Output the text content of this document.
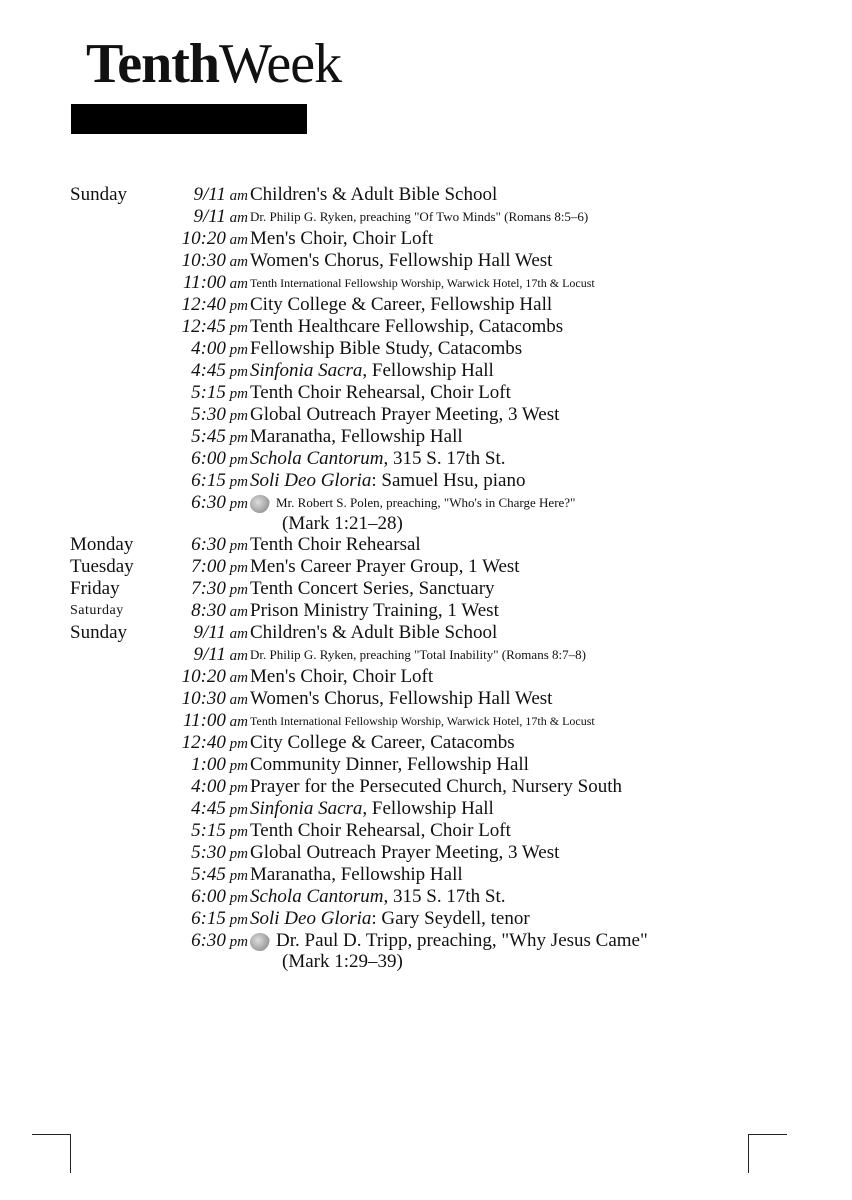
TenthWeek
Sunday	9/11 am Children's & Adult Bible School
9/11 am Dr. Philip G. Ryken, preaching "Of Two Minds" (Romans 8:5–6)
10:20 am Men's Choir, Choir Loft
10:30 am Women's Chorus, Fellowship Hall West
11:00 am Tenth International Fellowship Worship, Warwick Hotel, 17th & Locust
12:40 pm City College & Career, Fellowship Hall
12:45 pm Tenth Healthcare Fellowship, Catacombs
4:00 pm Fellowship Bible Study, Catacombs
4:45 pm Sinfonia Sacra, Fellowship Hall
5:15 pm Tenth Choir Rehearsal, Choir Loft
5:30 pm Global Outreach Prayer Meeting, 3 West
5:45 pm Maranatha, Fellowship Hall
6:00 pm Schola Cantorum, 315 S. 17th St.
6:15 pm Soli Deo Gloria: Samuel Hsu, piano
6:30 pm	Mr. Robert S. Polen, preaching, "Who's in Charge Here?"
(Mark 1:21–28)
Monday	6:30 pm Tenth Choir Rehearsal
Tuesday	7:00 pm Men's Career Prayer Group, 1 West
Friday	7:30 pm Tenth Concert Series, Sanctuary
Saturday	8:30 am Prison Ministry Training, 1 West
Sunday	9/11 am Children's & Adult Bible School
9/11 am Dr. Philip G. Ryken, preaching "Total Inability" (Romans 8:7–8)
10:20 am Men's Choir, Choir Loft
10:30 am Women's Chorus, Fellowship Hall West
11:00 am Tenth International Fellowship Worship, Warwick Hotel, 17th & Locust
12:40 pm City College & Career, Catacombs
1:00 pm Community Dinner, Fellowship Hall
4:00 pm Prayer for the Persecuted Church, Nursery South
4:45 pm Sinfonia Sacra, Fellowship Hall
5:15 pm Tenth Choir Rehearsal, Choir Loft
5:30 pm Global Outreach Prayer Meeting, 3 West
5:45 pm Maranatha, Fellowship Hall
6:00 pm Schola Cantorum, 315 S. 17th St.
6:15 pm Soli Deo Gloria: Gary Seydell, tenor
6:30 pm	Dr. Paul D. Tripp, preaching, "Why Jesus Came"
(Mark 1:29–39)
